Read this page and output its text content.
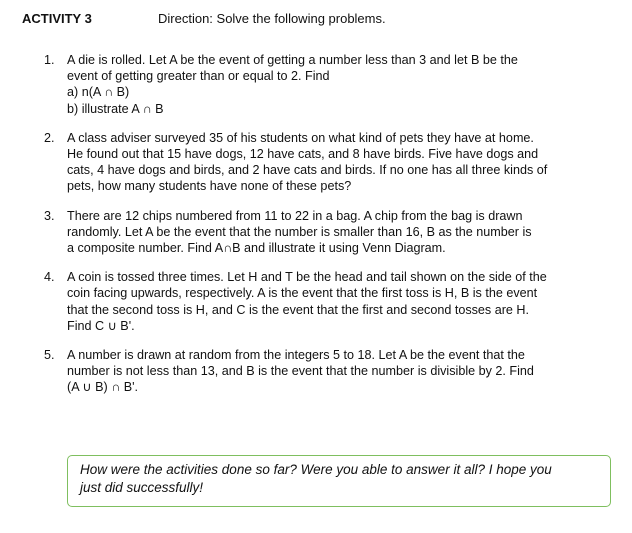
ACTIVITY 3	Direction: Solve the following problems.
1. A die is rolled. Let A be the event of getting a number less than 3 and let B be the
event of getting greater than or equal to 2. Find
a) n(A ∩ B)
b) illustrate A ∩ B
2. A class adviser surveyed 35 of his students on what kind of pets they have at home.
He found out that 15 have dogs, 12 have cats, and 8 have birds. Five have dogs and
cats, 4 have dogs and birds, and 2 have cats and birds. If no one has all three kinds of
pets, how many students have none of these pets?
3. There are 12 chips numbered from 11 to 22 in a bag. A chip from the bag is drawn
randomly. Let A be the event that the number is smaller than 16, B as the number is
a composite number. Find A∩B and illustrate it using Venn Diagram.
4. A coin is tossed three times. Let H and T be the head and tail shown on the side of the
coin facing upwards, respectively. A is the event that the first toss is H, B is the event
that the second toss is H, and C is the event that the first and second tosses are H.
Find C ∪ B'.
5. A number is drawn at random from the integers 5 to 18. Let A be the event that the
number is not less than 13, and B is the event that the number is divisible by 2. Find
(A ∪ B) ∩ B'.
How were the activities done so far? Were you able to answer it all? I hope you
just did successfully!
